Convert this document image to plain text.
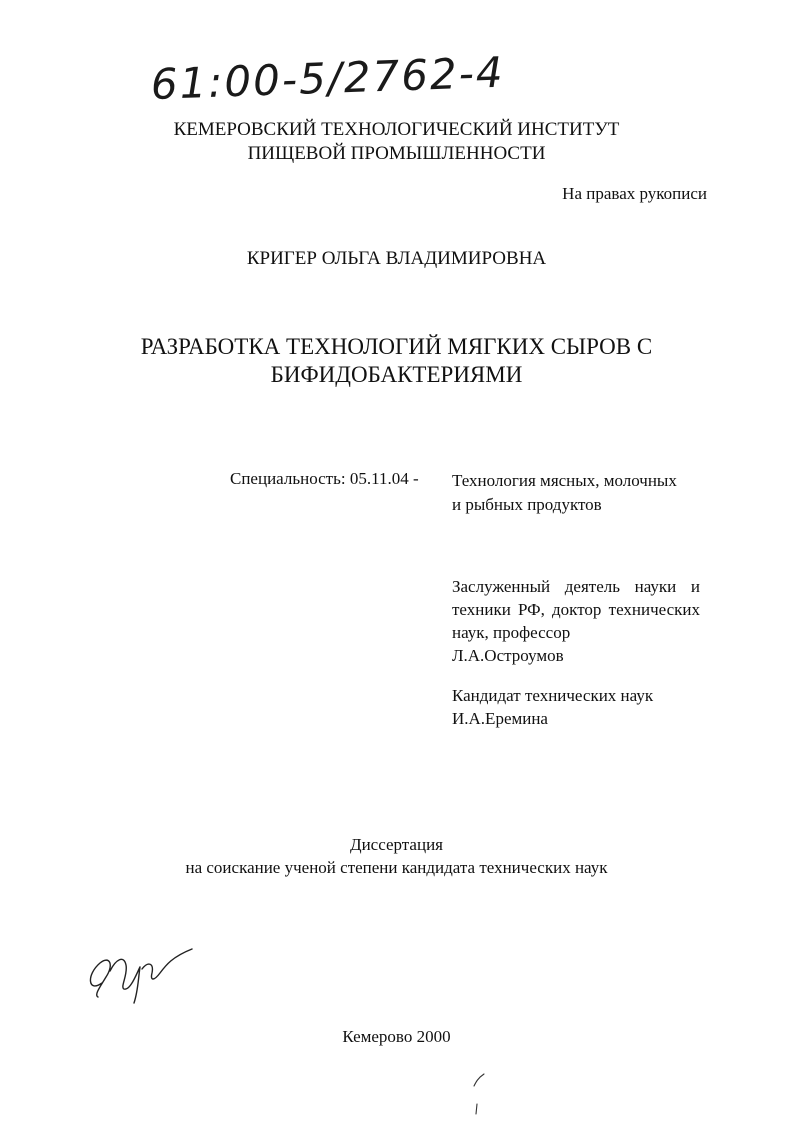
61:00-5/2762-4
КЕМЕРОВСКИЙ ТЕХНОЛОГИЧЕСКИЙ ИНСТИТУТ
ПИЩЕВОЙ ПРОМЫШЛЕННОСТИ
На правах рукописи
КРИГЕР ОЛЬГА ВЛАДИМИРОВНА
РАЗРАБОТКА ТЕХНОЛОГИЙ МЯГКИХ СЫРОВ С
БИФИДОБАКТЕРИЯМИ
Специальность: 05.11.04 - Технология мясных, молочных
и рыбных продуктов
Заслуженный деятель науки и техники РФ, доктор технических наук, профессор
Л.А.Остроумов
Кандидат технических наук
И.А.Еремина
Диссертация
на соискание ученой степени кандидата технических наук
Кемерово 2000
